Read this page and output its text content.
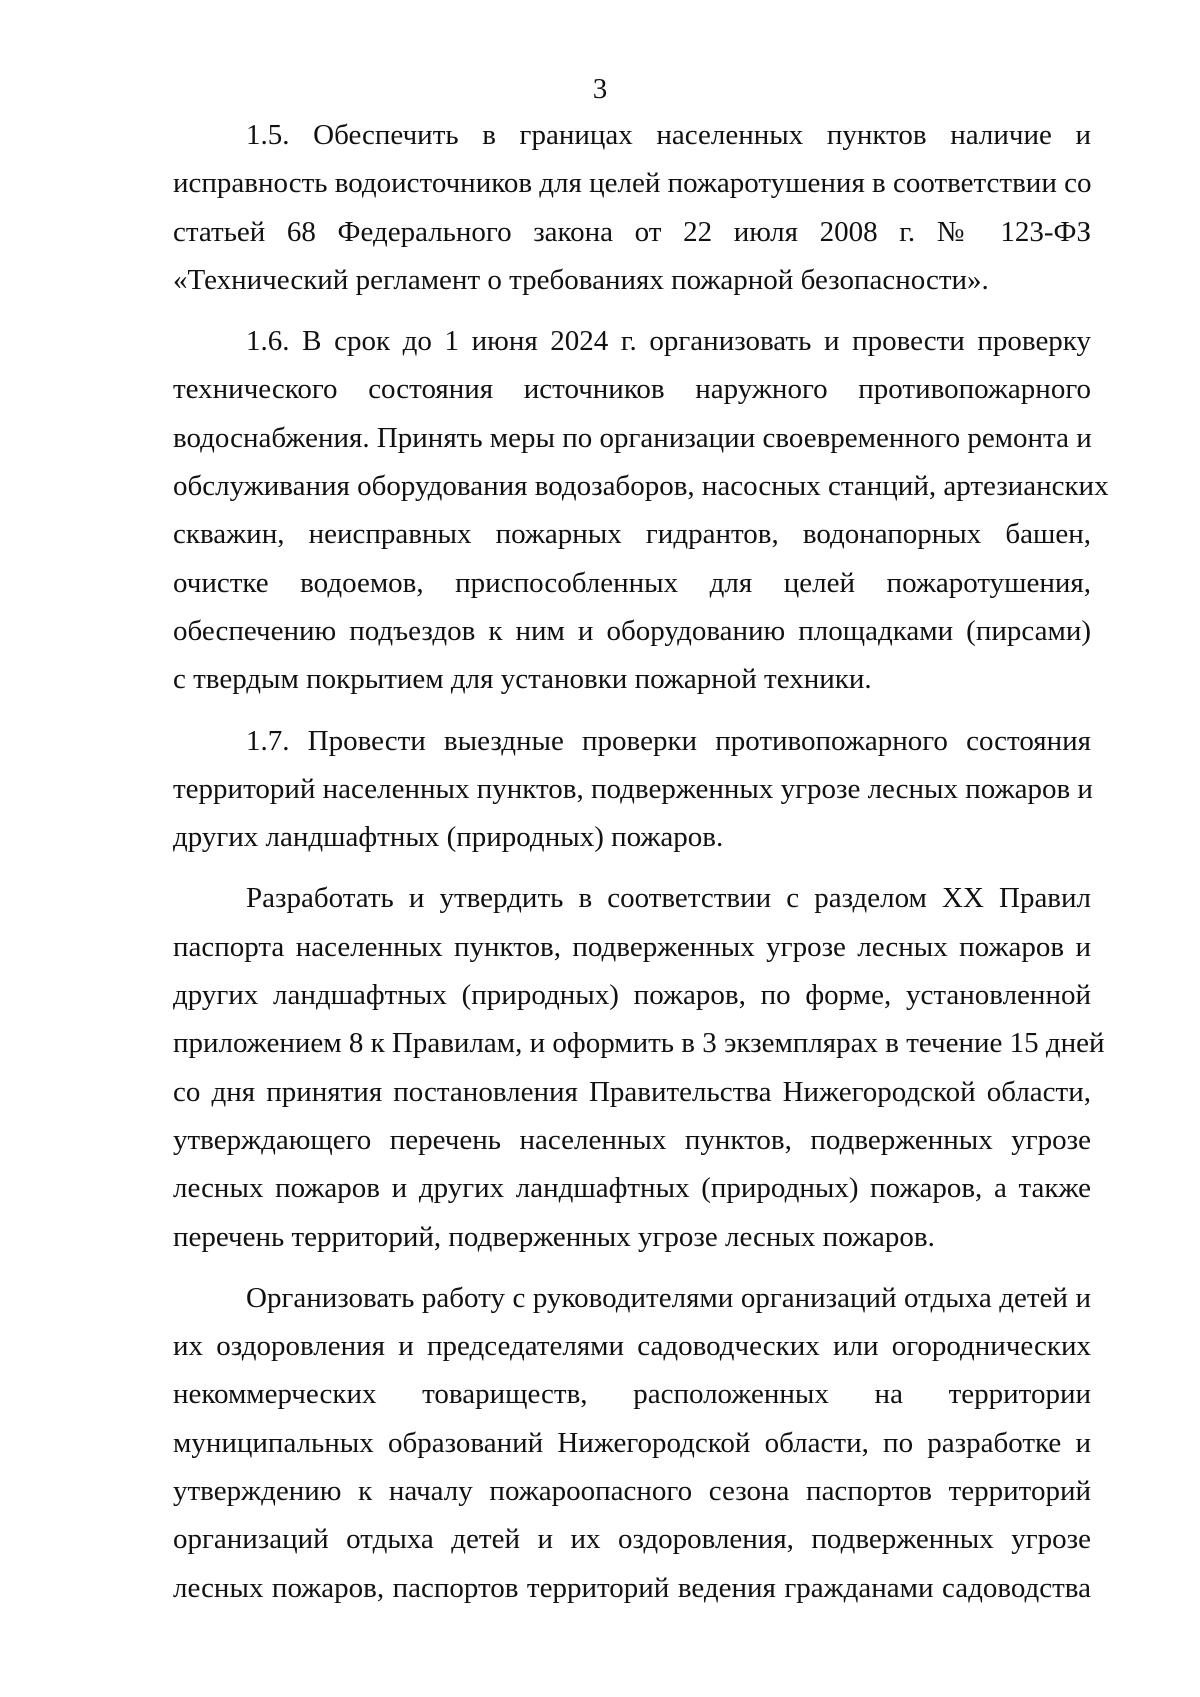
3

1.5. Обеспечить в границах населенных пунктов наличие и
исправность водоисточников для целей пожаротушения в соответствии со
статьей 68 Федерального закона от 22 июля 2008 г. № 123-ФЗ
«Технический регламент о требованиях пожарной безопасности».

1.6. В срок до 1 июня 2024 г. организовать и провести проверку
технического состояния источников наружного противопожарного
водоснабжения. Принять меры по организации своевременного ремонта и
обслуживания оборудования водозаборов, насосных станций, артезианских
скважин, неисправных пожарных гидрантов, водонапорных башен,
очистке водоемов, приспособленных для целей пожаротушения,
обеспечению подъездов к ним и оборудованию площадками (пирсами)
с твердым покрытием для установки пожарной техники.

1.7. Провести выездные проверки противопожарного состояния
территорий населенных пунктов, подверженных угрозе лесных пожаров и
других ландшафтных (природных) пожаров.

Разработать и утвердить в соответствии с разделом XX Правил
паспорта населенных пунктов, подверженных угрозе лесных пожаров и
других ландшафтных (природных) пожаров, по форме, установленной
приложением 8 к Правилам, и оформить в 3 экземплярах в течение 15 дней
со дня принятия постановления Правительства Нижегородской области,
утверждающего перечень населенных пунктов, подверженных угрозе
лесных пожаров и других ландшафтных (природных) пожаров, а также
перечень территорий, подверженных угрозе лесных пожаров.

Организовать работу с руководителями организаций отдыха детей и
их оздоровления и председателями садоводческих или огороднических
некоммерческих товариществ, расположенных на территории
муниципальных образований Нижегородской области, по разработке и
утверждению к началу пожароопасного сезона паспортов территорий
организаций отдыха детей и их оздоровления, подверженных угрозе
лесных пожаров, паспортов территорий ведения гражданами садоводства
